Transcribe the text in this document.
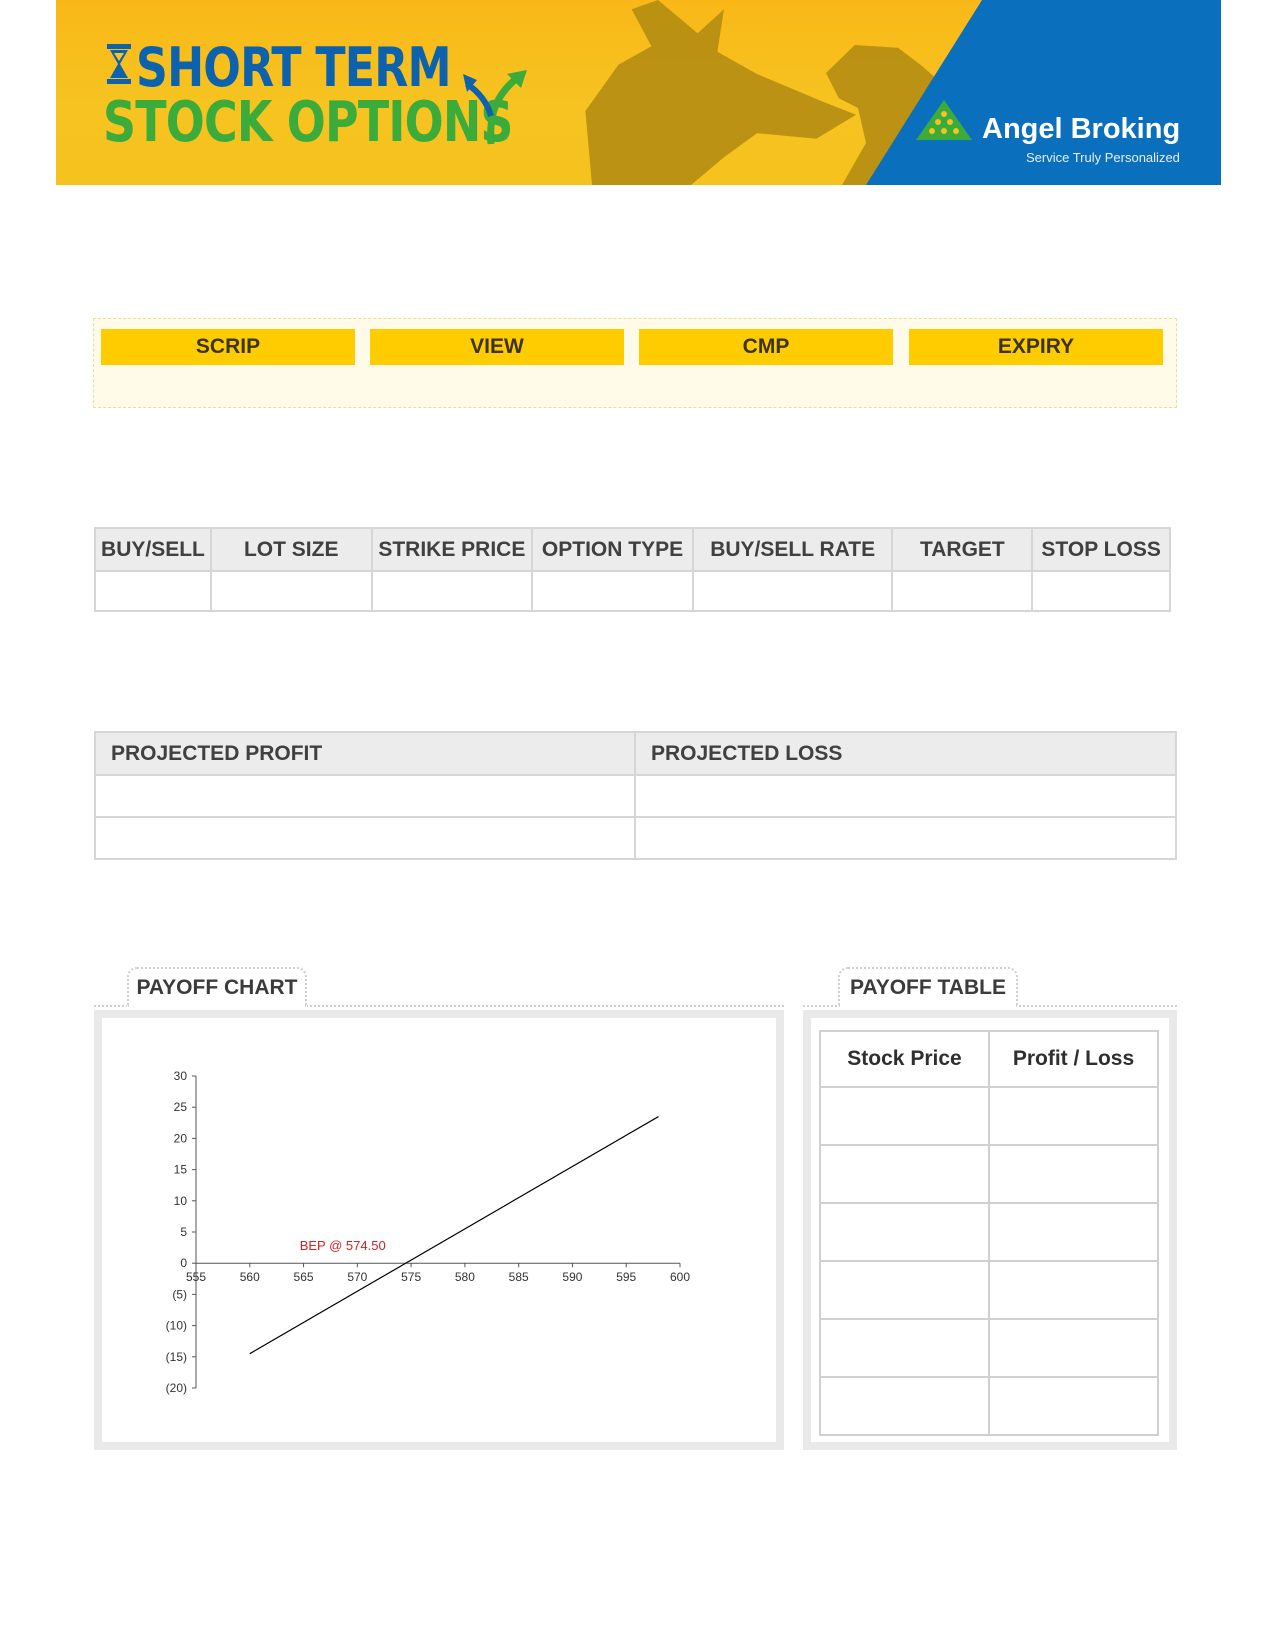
SHORT TERM
STOCK OPTIONS	Angel Broking
Service Truly Personalized
SCRIP	VIEW	CMP	EXPIRY
BUY/SELL	LOT SIZE	STRIKE PRICE	OPTION TYPE	BUY/SELL RATE	TARGET	STOP LOSS

PROJECTED PROFIT	PROJECTED LOSS

PAYOFF CHART
30
25
20
15
10
5
0
(5)
(10)
(15)
(20)
555	560	565	570	575	580	585	590	595	600
BEP @ 574.50
PAYOFF TABLE
Stock Price	Profit / Loss
